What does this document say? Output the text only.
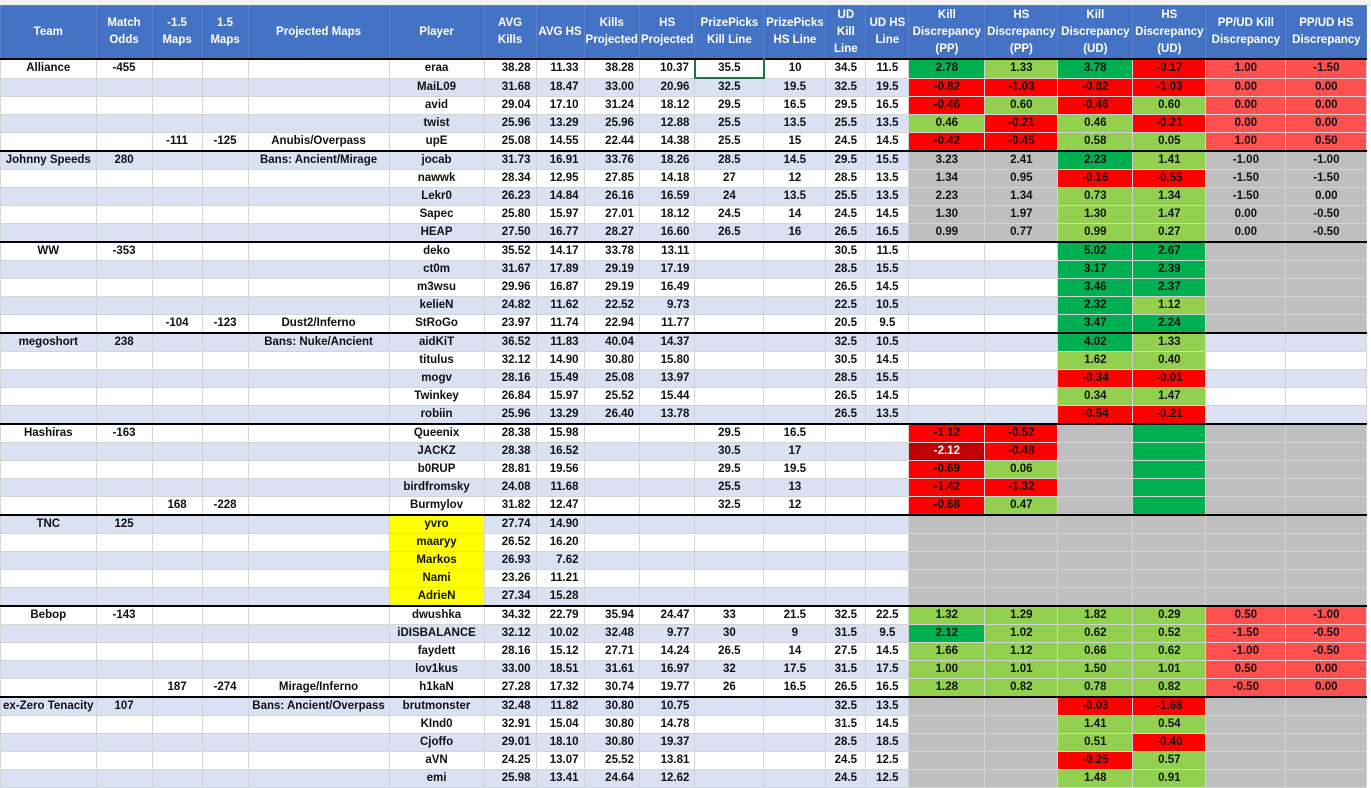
Team	Match Odds	-1.5 Maps	1.5 Maps	Projected Maps	Player	AVG Kills	AVG HS	Kills Projected	HS Projected	PrizePicks Kill Line	PrizePicks HS Line	UD Kill Line	UD HS Line	Kill Discrepancy (PP)	HS Discrepancy (PP)	Kill Discrepancy (UD)	HS Discrepancy (UD)	PP/UD Kill Discrepancy	PP/UD HS Discrepancy
Alliance	-455				eraa	38.28	11.33	38.28	10.37	35.5	10	34.5	11.5	2.78	1.33	3.78	-0.17	1.00	-1.50
					MaiL09	31.68	18.47	33.00	20.96	32.5	19.5	32.5	19.5	-0.82	-1.03	-0.82	-1.03	0.00	0.00
					avid	29.04	17.10	31.24	18.12	29.5	16.5	29.5	16.5	-0.46	0.60	-0.46	0.60	0.00	0.00
					twist	25.96	13.29	25.96	12.88	25.5	13.5	25.5	13.5	0.46	-0.21	0.46	-0.21	0.00	0.00
		-111	-125	Anubis/Overpass	upE	25.08	14.55	22.44	14.38	25.5	15	24.5	14.5	-0.42	-0.45	0.58	0.05	1.00	0.50
Johnny Speeds	280			Bans: Ancient/Mirage	jocab	31.73	16.91	33.76	18.26	28.5	14.5	29.5	15.5	3.23	2.41	2.23	1.41	-1.00	-1.00
					nawwk	28.34	12.95	27.85	14.18	27	12	28.5	13.5	1.34	0.95	-0.16	-0.55	-1.50	-1.50
					Lekr0	26.23	14.84	26.16	16.59	24	13.5	25.5	13.5	2.23	1.34	0.73	1.34	-1.50	0.00
					Sapec	25.80	15.97	27.01	18.12	24.5	14	24.5	14.5	1.30	1.97	1.30	1.47	0.00	-0.50
					HEAP	27.50	16.77	28.27	16.60	26.5	16	26.5	16.5	0.99	0.77	0.99	0.27	0.00	-0.50
WW	-353				deko	35.52	14.17	33.78	13.11			30.5	11.5			5.02	2.67		
					ct0m	31.67	17.89	29.19	17.19			28.5	15.5			3.17	2.39		
					m3wsu	29.96	16.87	29.19	16.49			26.5	14.5			3.46	2.37		
					kelieN	24.82	11.62	22.52	9.73			22.5	10.5			2.32	1.12		
		-104	-123	Dust2/Inferno	StRoGo	23.97	11.74	22.94	11.77			20.5	9.5			3.47	2.24		
megoshort	238			Bans: Nuke/Ancient	aidKiT	36.52	11.83	40.04	14.37			32.5	10.5			4.02	1.33		
					titulus	32.12	14.90	30.80	15.80			30.5	14.5			1.62	0.40		
					mogv	28.16	15.49	25.08	13.97			28.5	15.5			-0.34	-0.01		
					Twinkey	26.84	15.97	25.52	15.44			26.5	14.5			0.34	1.47		
					robiin	25.96	13.29	26.40	13.78			26.5	13.5			-0.54	-0.21		
Hashiras	-163				Queenix	28.38	15.98			29.5	16.5			-1.12	-0.52				
					JACKZ	28.38	16.52			30.5	17			-2.12	-0.48				
					b0RUP	28.81	19.56			29.5	19.5			-0.69	0.06				
					birdfromsky	24.08	11.68			25.5	13			-1.42	-1.32				
		168	-228		Burmylov	31.82	12.47			32.5	12			-0.68	0.47				
TNC	125				yvro	27.74	14.90												
					maaryy	26.52	16.20												
					Markos	26.93	7.62												
					Nami	23.26	11.21												
					AdrieN	27.34	15.28												
Bebop	-143				dwushka	34.32	22.79	35.94	24.47	33	21.5	32.5	22.5	1.32	1.29	1.82	0.29	0.50	-1.00
					iDISBALANCE	32.12	10.02	32.48	9.77	30	9	31.5	9.5	2.12	1.02	0.62	0.52	-1.50	-0.50
					faydett	28.16	15.12	27.71	14.24	26.5	14	27.5	14.5	1.66	1.12	0.66	0.62	-1.00	-0.50
					lov1kus	33.00	18.51	31.61	16.97	32	17.5	31.5	17.5	1.00	1.01	1.50	1.01	0.50	0.00
		187	-274	Mirage/Inferno	h1kaN	27.28	17.32	30.74	19.77	26	16.5	26.5	16.5	1.28	0.82	0.78	0.82	-0.50	0.00
ex-Zero Tenacity	107			Bans: Ancient/Overpass	brutmonster	32.48	11.82	30.80	10.75			32.5	13.5			-0.03	-1.68		
					KInd0	32.91	15.04	30.80	14.78			31.5	14.5			1.41	0.54		
					Cjoffo	29.01	18.10	30.80	19.37			28.5	18.5			0.51	-0.40		
					aVN	24.25	13.07	25.52	13.81			24.5	12.5			-0.25	0.57		
					emi	25.98	13.41	24.64	12.62			24.5	12.5			1.48	0.91		
